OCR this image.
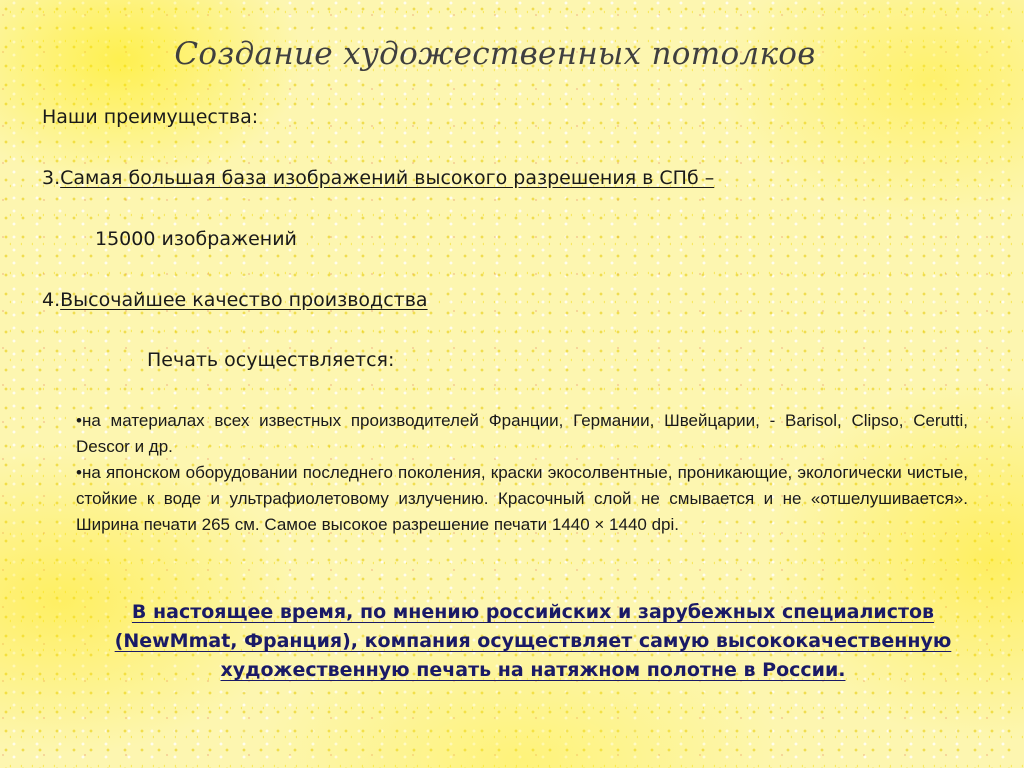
Создание художественных потолков
Наши преимущества:
3.Самая большая база изображений высокого разрешения в СПб –
15000 изображений
4.Высочайшее качество производства
Печать осуществляется:
• на материалах всех известных производителей Франции, Германии, Швейцарии, - Barisol, Clipso, Cerutti, Descor и др.
• на японском оборудовании последнего поколения, краски экосолвентные, проникающие, экологически чистые, стойкие к воде и ультрафиолетовому излучению. Красочный слой не смывается и не «отшелушивается». Ширина печати 265 см. Самое высокое разрешение печати 1440 × 1440 dpi.

В настоящее время, по мнению российских и зарубежных специалистов (NewMmat, Франция), компания осуществляет самую высококачественную художественную печать на натяжном полотне в России.
